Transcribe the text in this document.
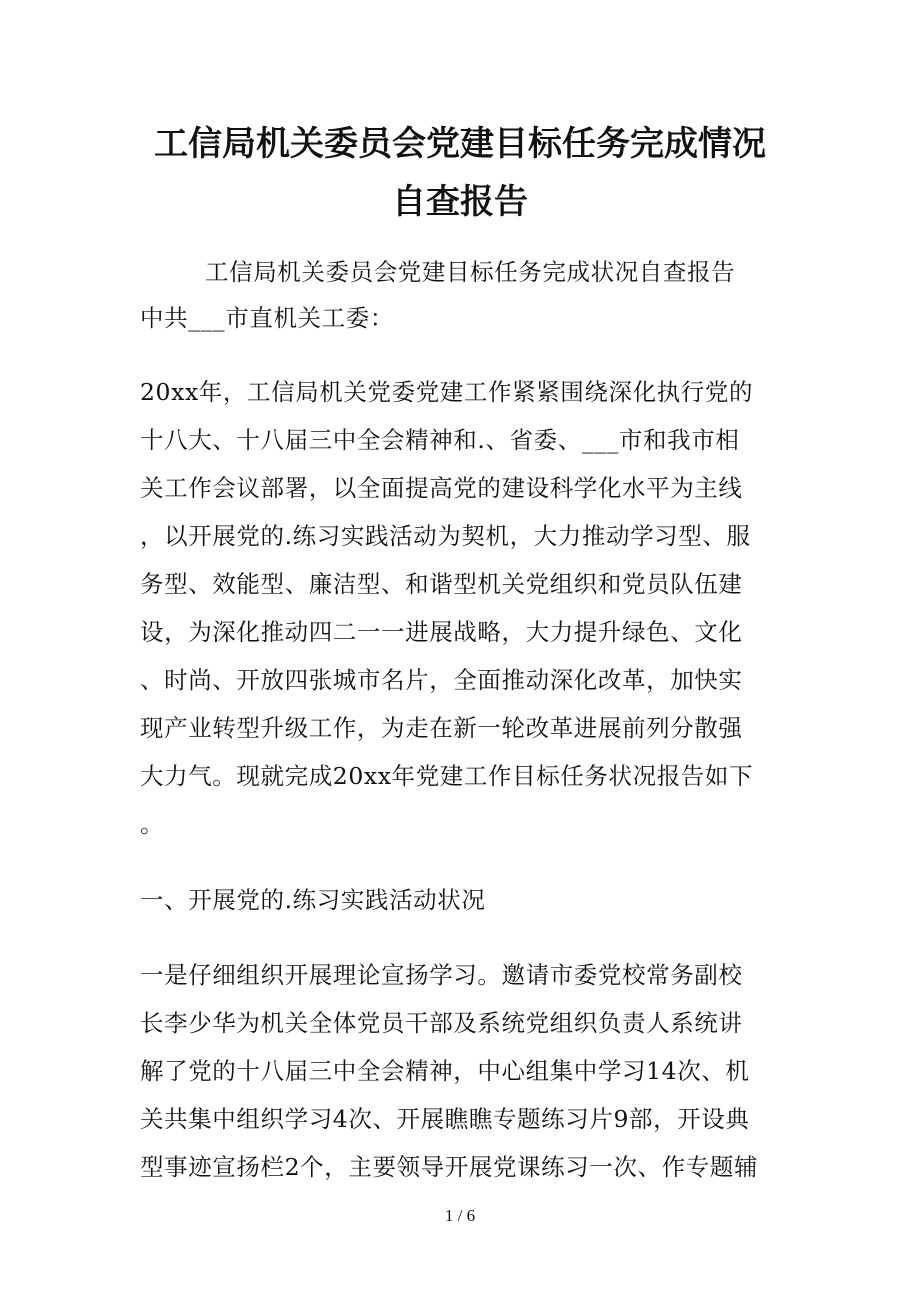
工信局机关委员会党建目标任务完成情况
自查报告
工信局机关委员会党建目标任务完成状况自查报告
中共___市直机关工委：
20xx年，工信局机关党委党建工作紧紧围绕深化执行党的
十八大、十八届三中全会精神和.、省委、___市和我市相
关工作会议部署，以全面提高党的建设科学化水平为主线
，以开展党的.练习实践活动为契机，大力推动学习型、服
务型、效能型、廉洁型、和谐型机关党组织和党员队伍建
设，为深化推动四二一一进展战略，大力提升绿色、文化
、时尚、开放四张城市名片，全面推动深化改革，加快实
现产业转型升级工作，为走在新一轮改革进展前列分散强
大力气。现就完成20xx年党建工作目标任务状况报告如下
。
一、开展党的.练习实践活动状况
一是仔细组织开展理论宣扬学习。邀请市委党校常务副校
长李少华为机关全体党员干部及系统党组织负责人系统讲
解了党的十八届三中全会精神，中心组集中学习14次、机
关共集中组织学习4次、开展瞧瞧专题练习片9部，开设典
型事迹宣扬栏2个，主要领导开展党课练习一次、作专题辅
1 / 6
